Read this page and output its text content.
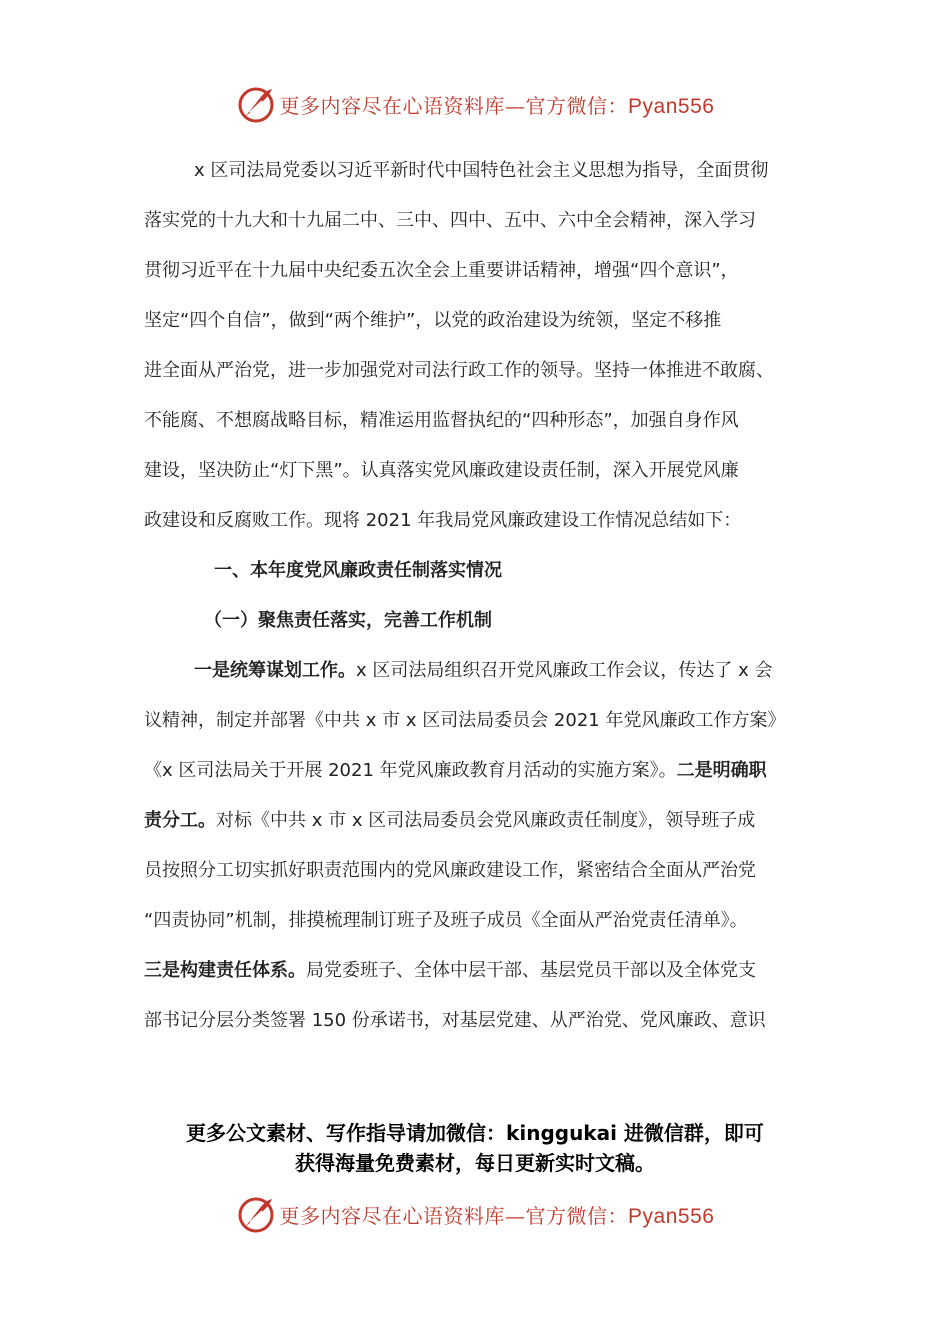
更多内容尽在心语资料库—官方微信：Pyan556
x 区司法局党委以习近平新时代中国特色社会主义思想为指导，全面贯彻
落实党的十九大和十九届二中、三中、四中、五中、六中全会精神，深入学习
贯彻习近平在十九届中央纪委五次全会上重要讲话精神，增强“四个意识”，
坚定“四个自信”，做到“两个维护”，以党的政治建设为统领，坚定不移推
进全面从严治党，进一步加强党对司法行政工作的领导。坚持一体推进不敢腐、
不能腐、不想腐战略目标，精准运用监督执纪的“四种形态”，加强自身作风
建设，坚决防止“灯下黑”。认真落实党风廉政建设责任制，深入开展党风廉
政建设和反腐败工作。现将 2021 年我局党风廉政建设工作情况总结如下：
一、本年度党风廉政责任制落实情况
（一）聚焦责任落实，完善工作机制
一是统筹谋划工作。x 区司法局组织召开党风廉政工作会议，传达了 x 会
议精神，制定并部署《中共 x 市 x 区司法局委员会 2021 年党风廉政工作方案》
《x 区司法局关于开展 2021 年党风廉政教育月活动的实施方案》。二是明确职
责分工。对标《中共 x 市 x 区司法局委员会党风廉政责任制度》，领导班子成
员按照分工切实抓好职责范围内的党风廉政建设工作，紧密结合全面从严治党
“四责协同”机制，排摸梳理制订班子及班子成员《全面从严治党责任清单》。
三是构建责任体系。局党委班子、全体中层干部、基层党员干部以及全体党支
部书记分层分类签署 150 份承诺书，对基层党建、从严治党、党风廉政、意识
更多公文素材、写作指导请加微信：kinggukai 进微信群，即可
获得海量免费素材，每日更新实时文稿。
更多内容尽在心语资料库—官方微信：Pyan556
